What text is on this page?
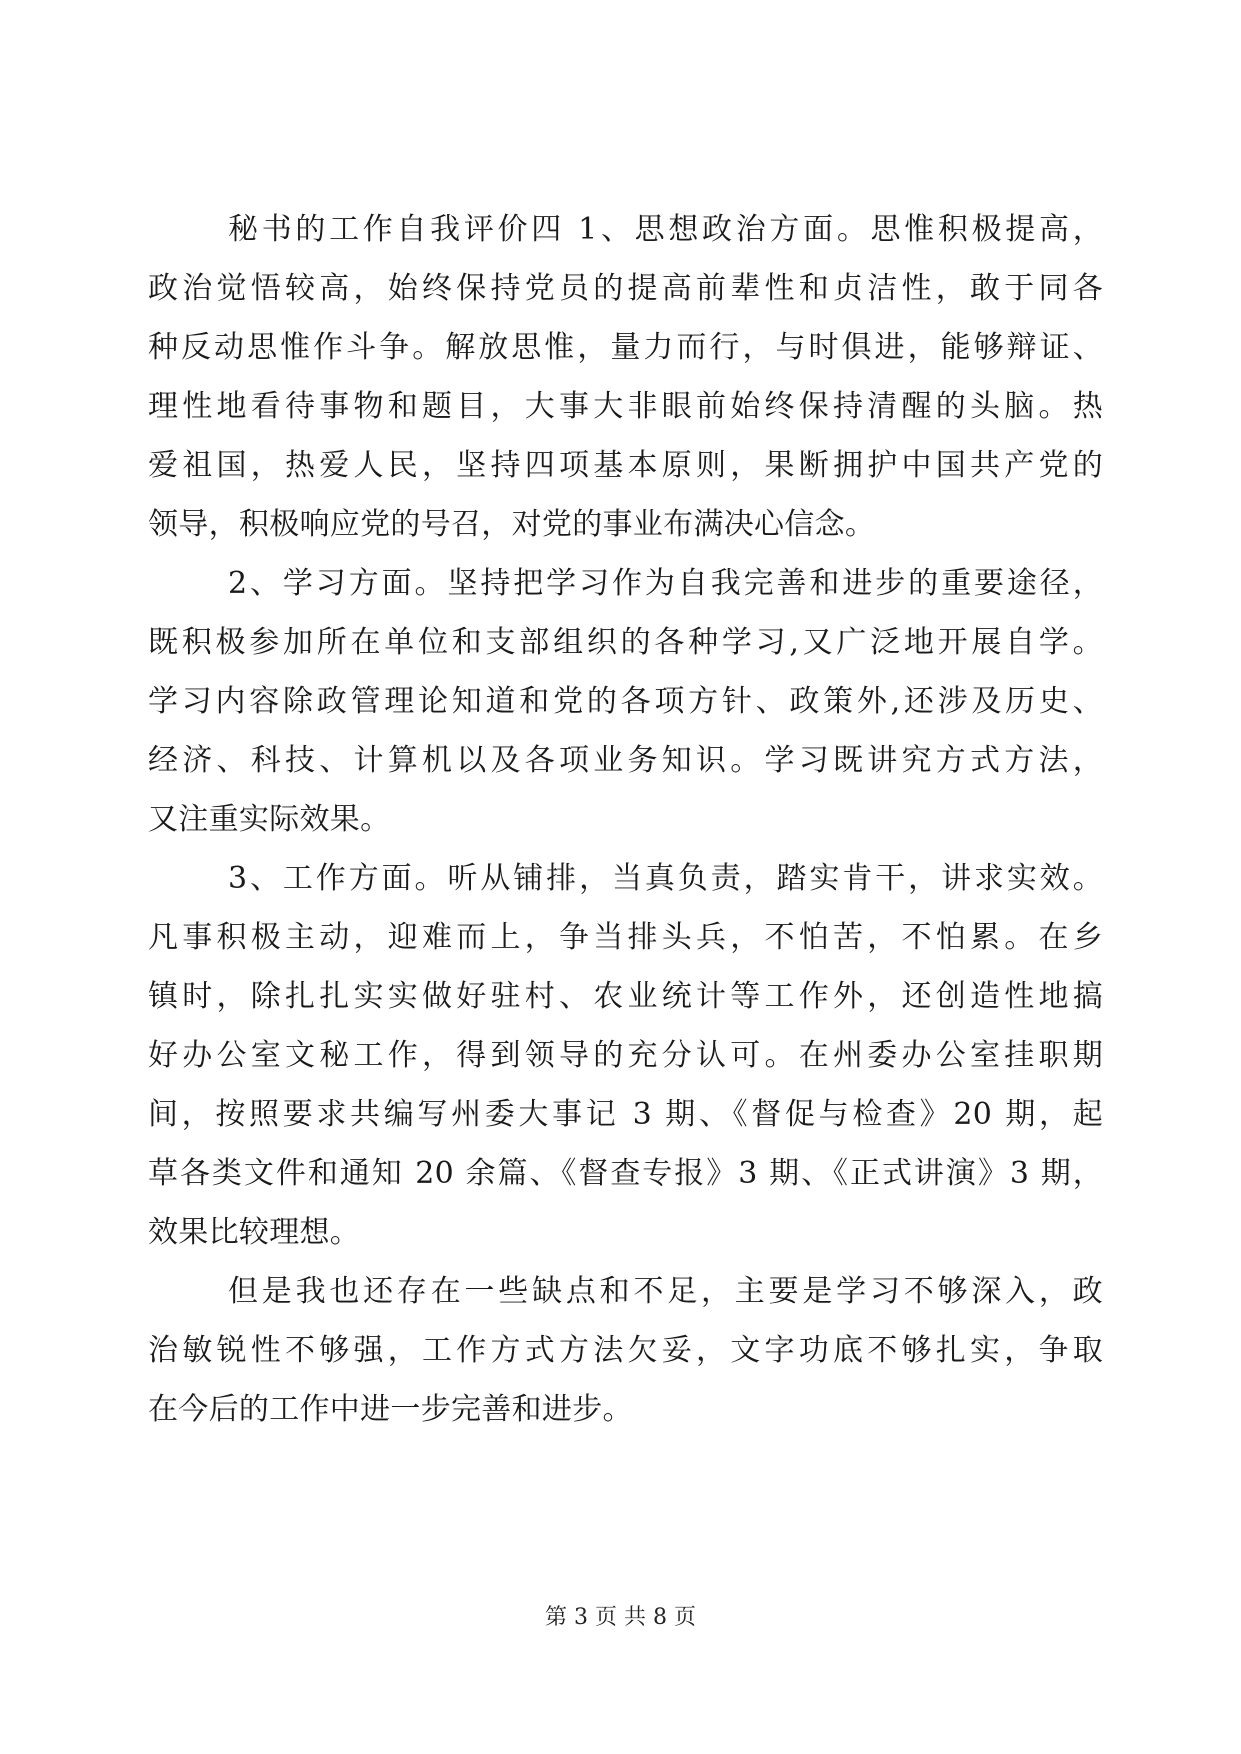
秘书的工作自我评价四 1、思想政治方面。思惟积极提高，
政治觉悟较高，始终保持党员的提高前辈性和贞洁性，敢于同各
种反动思惟作斗争。解放思惟，量力而行，与时俱进，能够辩证、
理性地看待事物和题目，大事大非眼前始终保持清醒的头脑。热
爱祖国，热爱人民，坚持四项基本原则，果断拥护中国共产党的
领导，积极响应党的号召，对党的事业布满决心信念。
2、学习方面。坚持把学习作为自我完善和进步的重要途径，
既积极参加所在单位和支部组织的各种学习,又广泛地开展自学。
学习内容除政管理论知道和党的各项方针、政策外,还涉及历史、
经济、科技、计算机以及各项业务知识。学习既讲究方式方法，
又注重实际效果。
3、工作方面。听从铺排，当真负责，踏实肯干，讲求实效。
凡事积极主动，迎难而上，争当排头兵，不怕苦，不怕累。在乡
镇时，除扎扎实实做好驻村、农业统计等工作外，还创造性地搞
好办公室文秘工作，得到领导的充分认可。在州委办公室挂职期
间，按照要求共编写州委大事记 3 期、《督促与检查》20 期，起
草各类文件和通知 20 余篇、《督查专报》3 期、《正式讲演》3 期，
效果比较理想。
但是我也还存在一些缺点和不足，主要是学习不够深入，政
治敏锐性不够强，工作方式方法欠妥，文字功底不够扎实，争取
在今后的工作中进一步完善和进步。
第 3 页 共 8 页
